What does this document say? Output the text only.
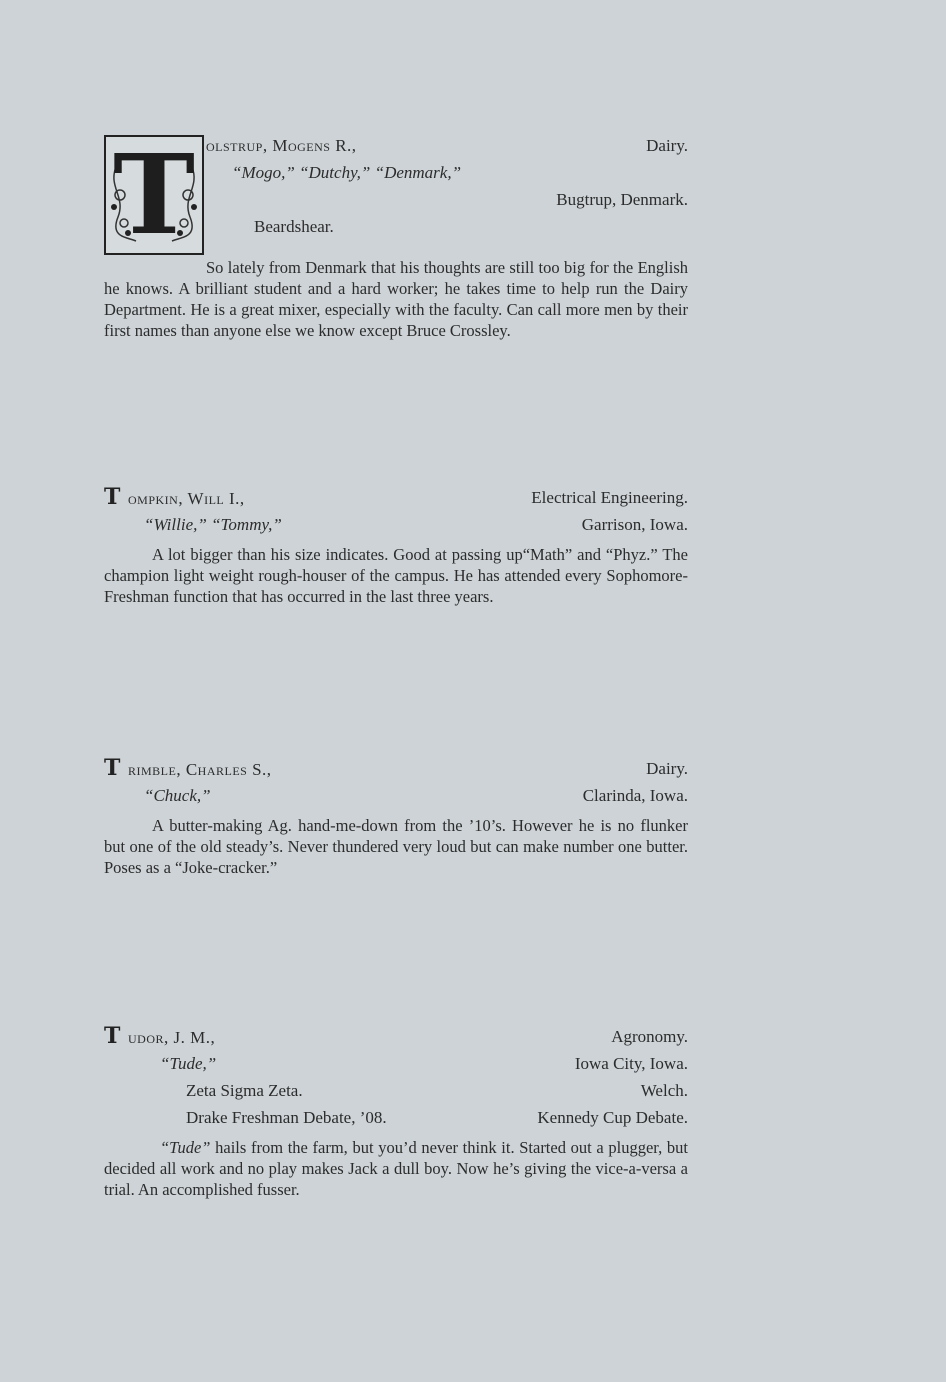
T olstrup, Mogens R.,	Dairy.
“Mogo,” “Dutchy,” “Denmark,”
Bugtrup, Denmark.
Beardshear.

So lately from Denmark that his thoughts are still too big for the English he knows. A brilliant student and a hard worker; he takes time to help run the Dairy Department. He is a great mixer, especially with the faculty. Can call more men by their first names than anyone else we know except Bruce Crossley.

T ompkin, Will I.,	Electrical Engineering.
“Willie,” “Tommy,”	Garrison, Iowa.

A lot bigger than his size indicates. Good at passing up“Math” and “Phyz.” The champion light weight rough-houser of the campus. He has attended every Sophomore-Freshman function that has occurred in the last three years.

T rimble, Charles S.,	Dairy.
“Chuck,”	Clarinda, Iowa.

A butter-making Ag. hand-me-down from the ’10’s. However he is no flunker but one of the old steady’s. Never thundered very loud but can make number one butter. Poses as a “Joke-cracker.”

T udor, J. M.,	Agronomy.
“Tude,”	Iowa City, Iowa.
Zeta Sigma Zeta.	Welch.
Drake Freshman Debate, ’08.	Kennedy Cup Debate.

“Tude” hails from the farm, but you’d never think it. Started out a plugger, but decided all work and no play makes Jack a dull boy. Now he’s giving the vice-a-versa a trial. An accomplished fusser.
